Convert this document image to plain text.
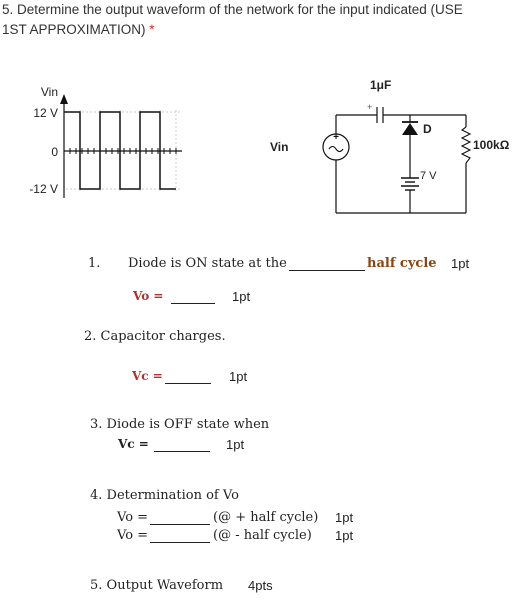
5. Determine the output waveform of the network for the input indicated (USE
1ST APPROXIMATION) *
Vin
12 V
0
-12 V
Vin
+
+
1μF
D
7 V
100kΩ
1. Diode is ON state at the	half cycle 1pt
Vo =	1pt
2. Capacitor charges.
Vc =	1pt
3. Diode is OFF state when
Vc =	1pt
4. Determination of Vo
Vo =	(@ + half cycle) 1pt
Vo =	(@ - half cycle) 1pt
5. Output Waveform 4pts
